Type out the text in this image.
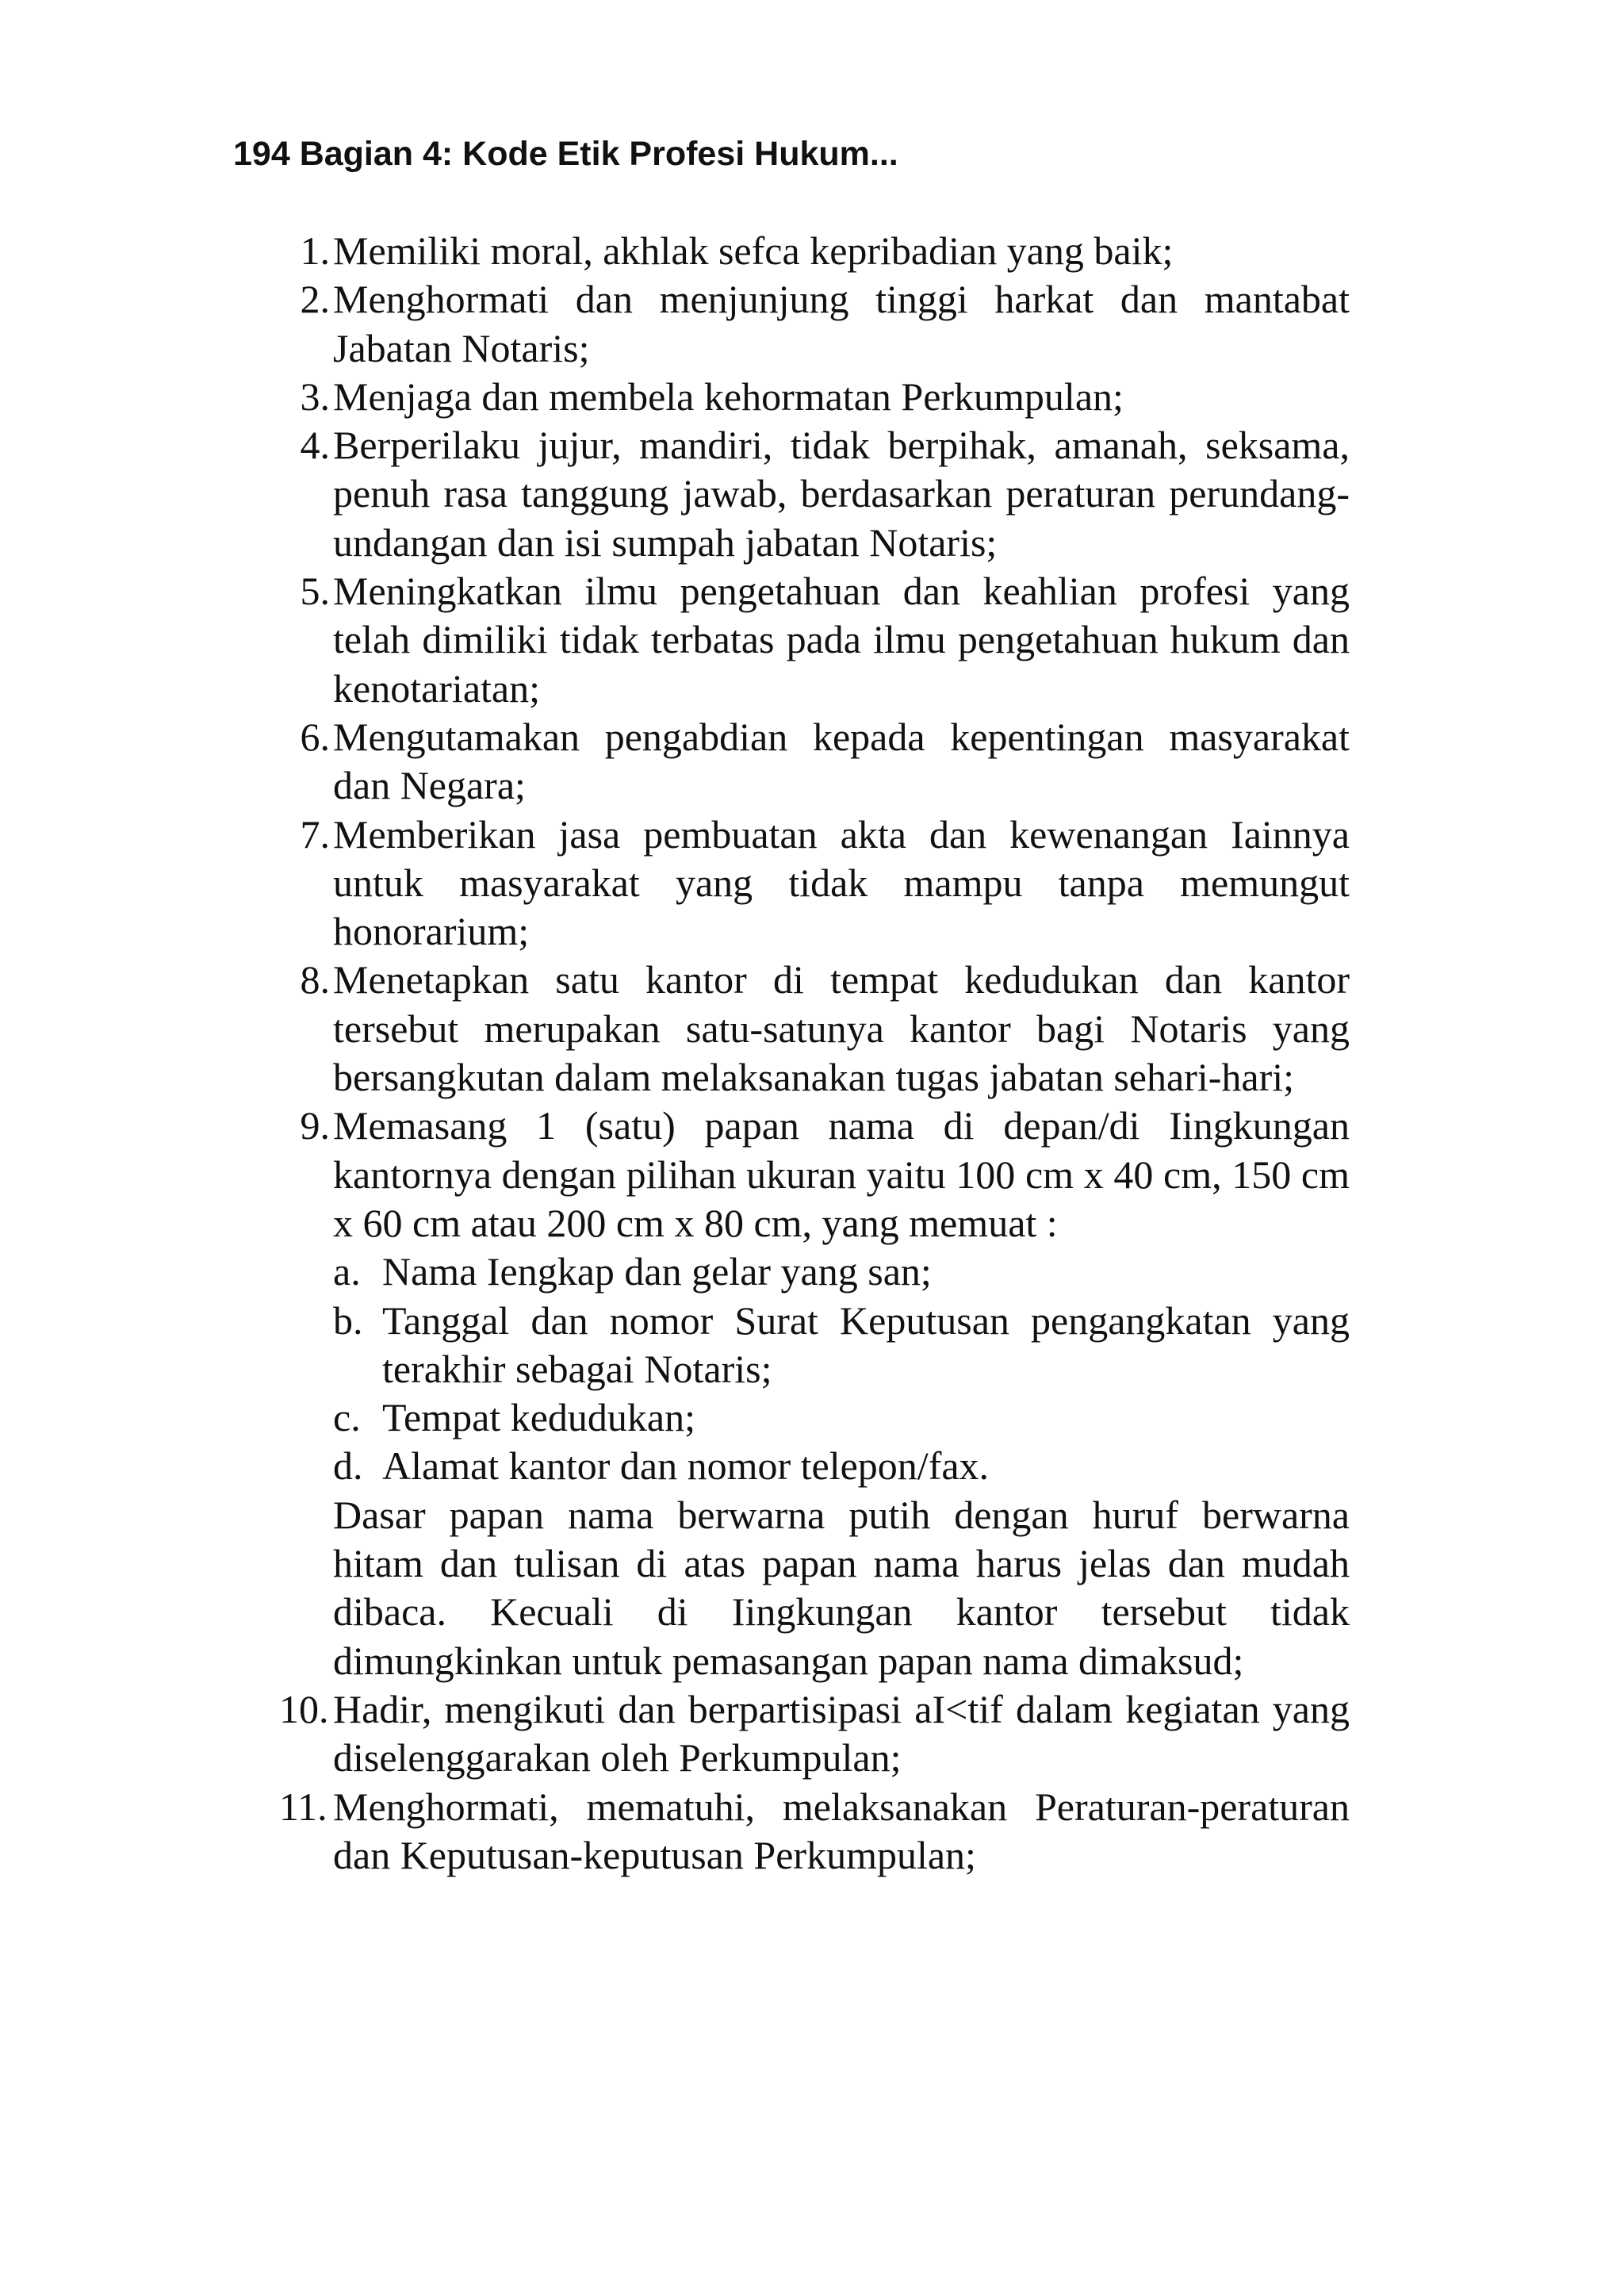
194 Bagian 4: Kode Etik Profesi Hukum...
1. Memiliki moral, akhlak sefca kepribadian yang baik;
2. Menghormati dan menjunjung tinggi harkat dan mantabat Jabatan Notaris;
3. Menjaga dan membela kehormatan Perkumpulan;
4. Berperilaku jujur, mandiri, tidak berpihak, amanah, seksama, penuh rasa tanggung jawab, berdasarkan peraturan perundang-undangan dan isi sumpah jabatan Notaris;
5. Meningkatkan ilmu pengetahuan dan keahlian profesi yang telah dimiliki tidak terbatas pada ilmu pengetahuan hukum dan kenotariatan;
6. Mengutamakan pengabdian kepada kepentingan masyarakat dan Negara;
7. Memberikan jasa pembuatan akta dan kewenangan Iainnya untuk masyarakat yang tidak mampu tanpa memungut honorarium;
8. Menetapkan satu kantor di tempat kedudukan dan kantor tersebut merupakan satu-satunya kantor bagi Notaris yang bersangkutan dalam melaksanakan tugas jabatan sehari-hari;
9. Memasang 1 (satu) papan nama di depan/di Iingkungan kantornya dengan pilihan ukuran yaitu 100 cm x 40 cm, 150 cm x 60 cm atau 200 cm x 80 cm, yang memuat :
a. Nama Iengkap dan gelar yang san;
b. Tanggal dan nomor Surat Keputusan pengangkatan yang terakhir sebagai Notaris;
c. Tempat kedudukan;
d. Alamat kantor dan nomor telepon/fax.
Dasar papan nama berwarna putih dengan huruf berwarna hitam dan tulisan di atas papan nama harus jelas dan mudah dibaca. Kecuali di Iingkungan kantor tersebut tidak dimungkinkan untuk pemasangan papan nama dimaksud;
10. Hadir, mengikuti dan berpartisipasi aI<tif dalam kegiatan yang diselenggarakan oleh Perkumpulan;
11. Menghormati, mematuhi, melaksanakan Peraturan-peraturan dan Keputusan-keputusan Perkumpulan;
